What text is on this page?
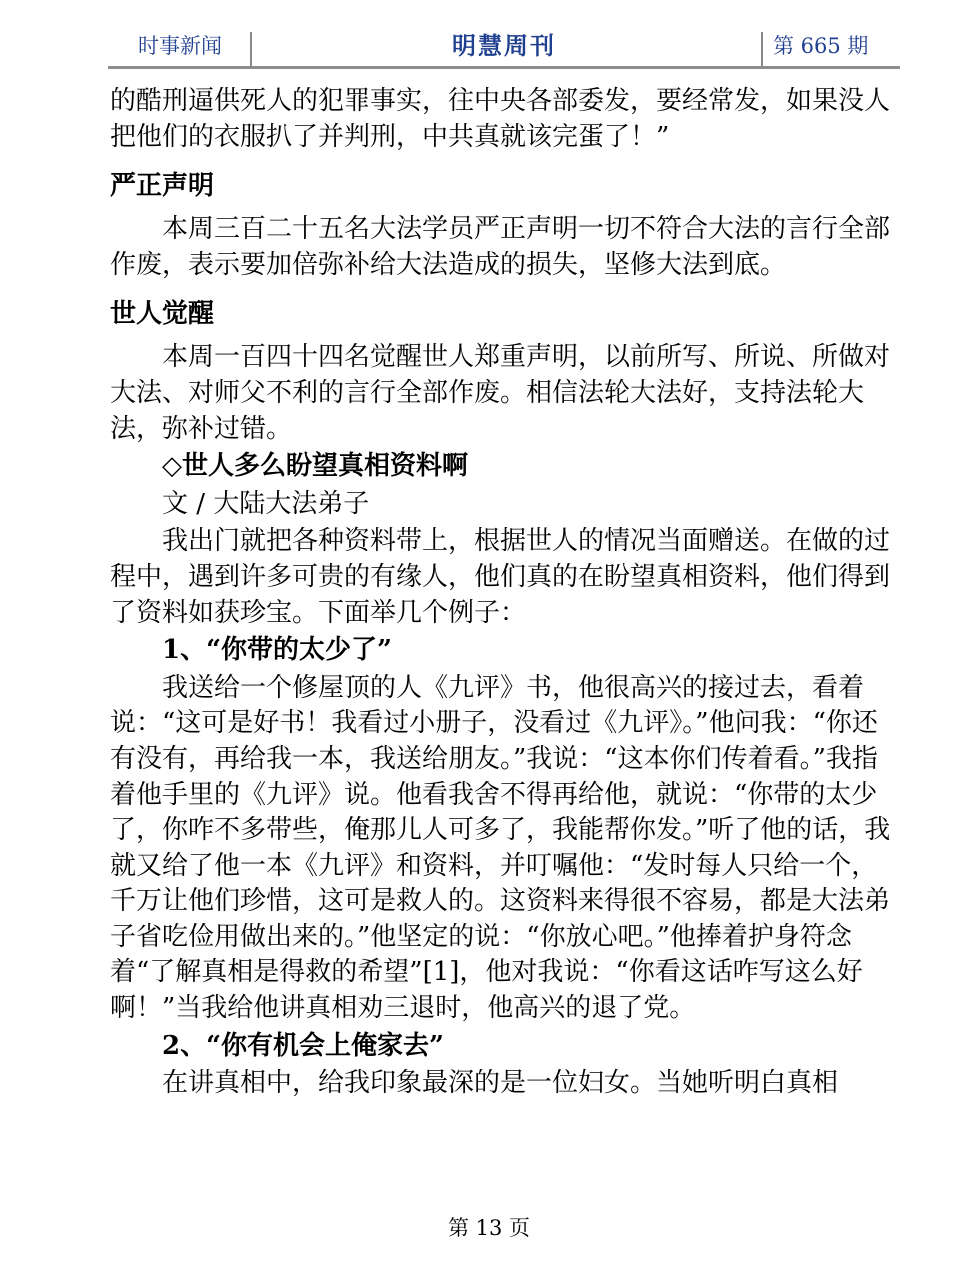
时事新闻	明慧周刊	第 665 期

的酷刑逼供死人的犯罪事实，往中央各部委发，要经常发，如果没人把他们的衣服扒了并判刑，中共真就该完蛋了！”

严正声明

本周三百二十五名大法学员严正声明一切不符合大法的言行全部作废，表示要加倍弥补给大法造成的损失，坚修大法到底。

世人觉醒

本周一百四十四名觉醒世人郑重声明，以前所写、所说、所做对大法、对师父不利的言行全部作废。相信法轮大法好，支持法轮大法，弥补过错。

◇世人多么盼望真相资料啊
文 / 大陆大法弟子

我出门就把各种资料带上，根据世人的情况当面赠送。在做的过程中，遇到许多可贵的有缘人，他们真的在盼望真相资料，他们得到了资料如获珍宝。下面举几个例子：

1、“你带的太少了”

我送给一个修屋顶的人《九评》书，他很高兴的接过去，看着说：“这可是好书！我看过小册子，没看过《九评》。”他问我：“你还有没有，再给我一本，我送给朋友。”我说：“这本你们传着看。”我指着他手里的《九评》说。他看我舍不得再给他，就说：“你带的太少了，你咋不多带些，俺那儿人可多了，我能帮你发。”听了他的话，我就又给了他一本《九评》和资料，并叮嘱他：“发时每人只给一个，千万让他们珍惜，这可是救人的。这资料来得很不容易，都是大法弟子省吃俭用做出来的。”他坚定的说：“你放心吧。”他捧着护身符念着“了解真相是得救的希望”[1]，他对我说：“你看这话咋写这么好啊！”当我给他讲真相劝三退时，他高兴的退了党。

2、“你有机会上俺家去”

在讲真相中，给我印象最深的是一位妇女。当她听明白真相

第 13 页
